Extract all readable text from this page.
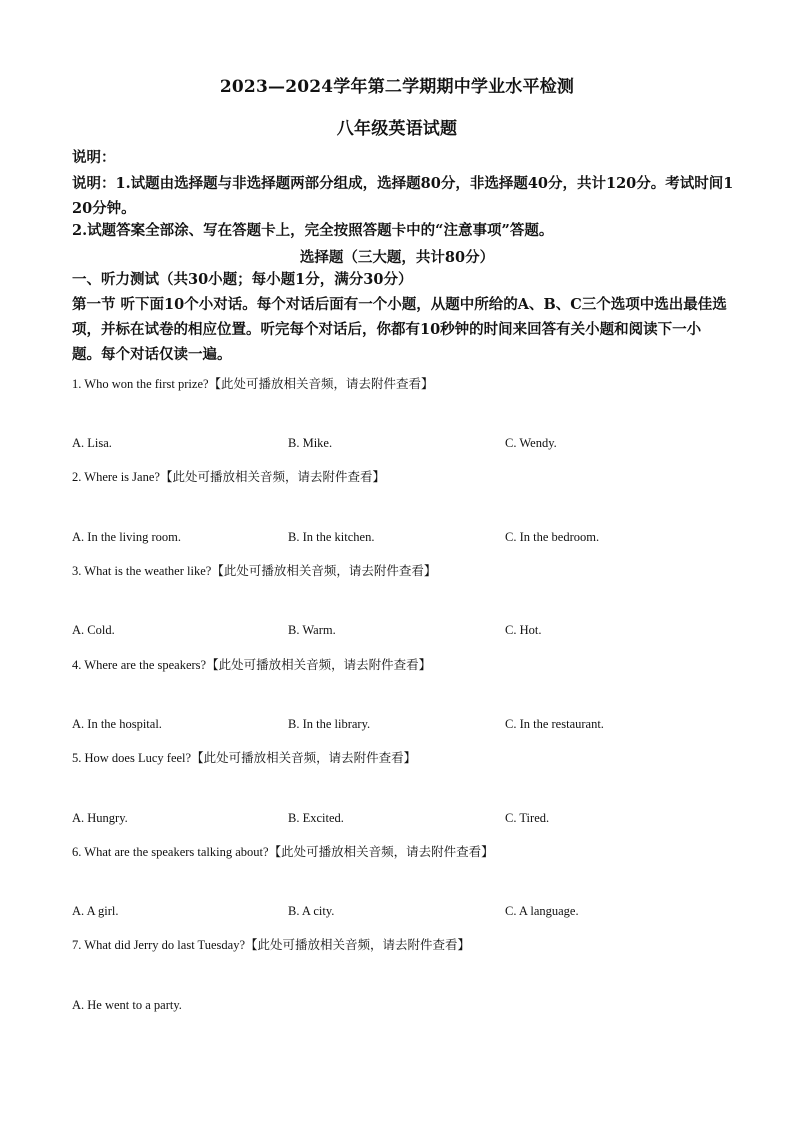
2023—2024学年第二学期期中学业水平检测
八年级英语试题
说明：
说明：1.试题由选择题与非选择题两部分组成，选择题80分，非选择题40分，共计120分。考试时间120分钟。
2.试题答案全部涂、写在答题卡上，完全按照答题卡中的“注意事项”答题。
选择题（三大题，共计80分）
一、听力测试（共30小题；每小题1分，满分30分）
第一节 听下面10个小对话。每个对话后面有一个小题，从题中所给的A、B、C三个选项中选出最佳选项，并标在试卷的相应位置。听完每个对话后，你都有10秒钟的时间来回答有关小题和阅读下一小题。每个对话仅读一遍。
1. Who won the first prize?【此处可播放相关音频，请去附件查看】
A. Lisa.	B. Mike.	C. Wendy.
2. Where is Jane?【此处可播放相关音频，请去附件查看】
A. In the living room.	B. In the kitchen.	C. In the bedroom.
3. What is the weather like?【此处可播放相关音频，请去附件查看】
A. Cold.	B. Warm.	C. Hot.
4. Where are the speakers?【此处可播放相关音频，请去附件查看】
A. In the hospital.	B. In the library.	C. In the restaurant.
5. How does Lucy feel?【此处可播放相关音频，请去附件查看】
A. Hungry.	B. Excited.	C. Tired.
6. What are the speakers talking about?【此处可播放相关音频，请去附件查看】
A. A girl.	B. A city.	C. A language.
7. What did Jerry do last Tuesday?【此处可播放相关音频，请去附件查看】
A. He went to a party.
